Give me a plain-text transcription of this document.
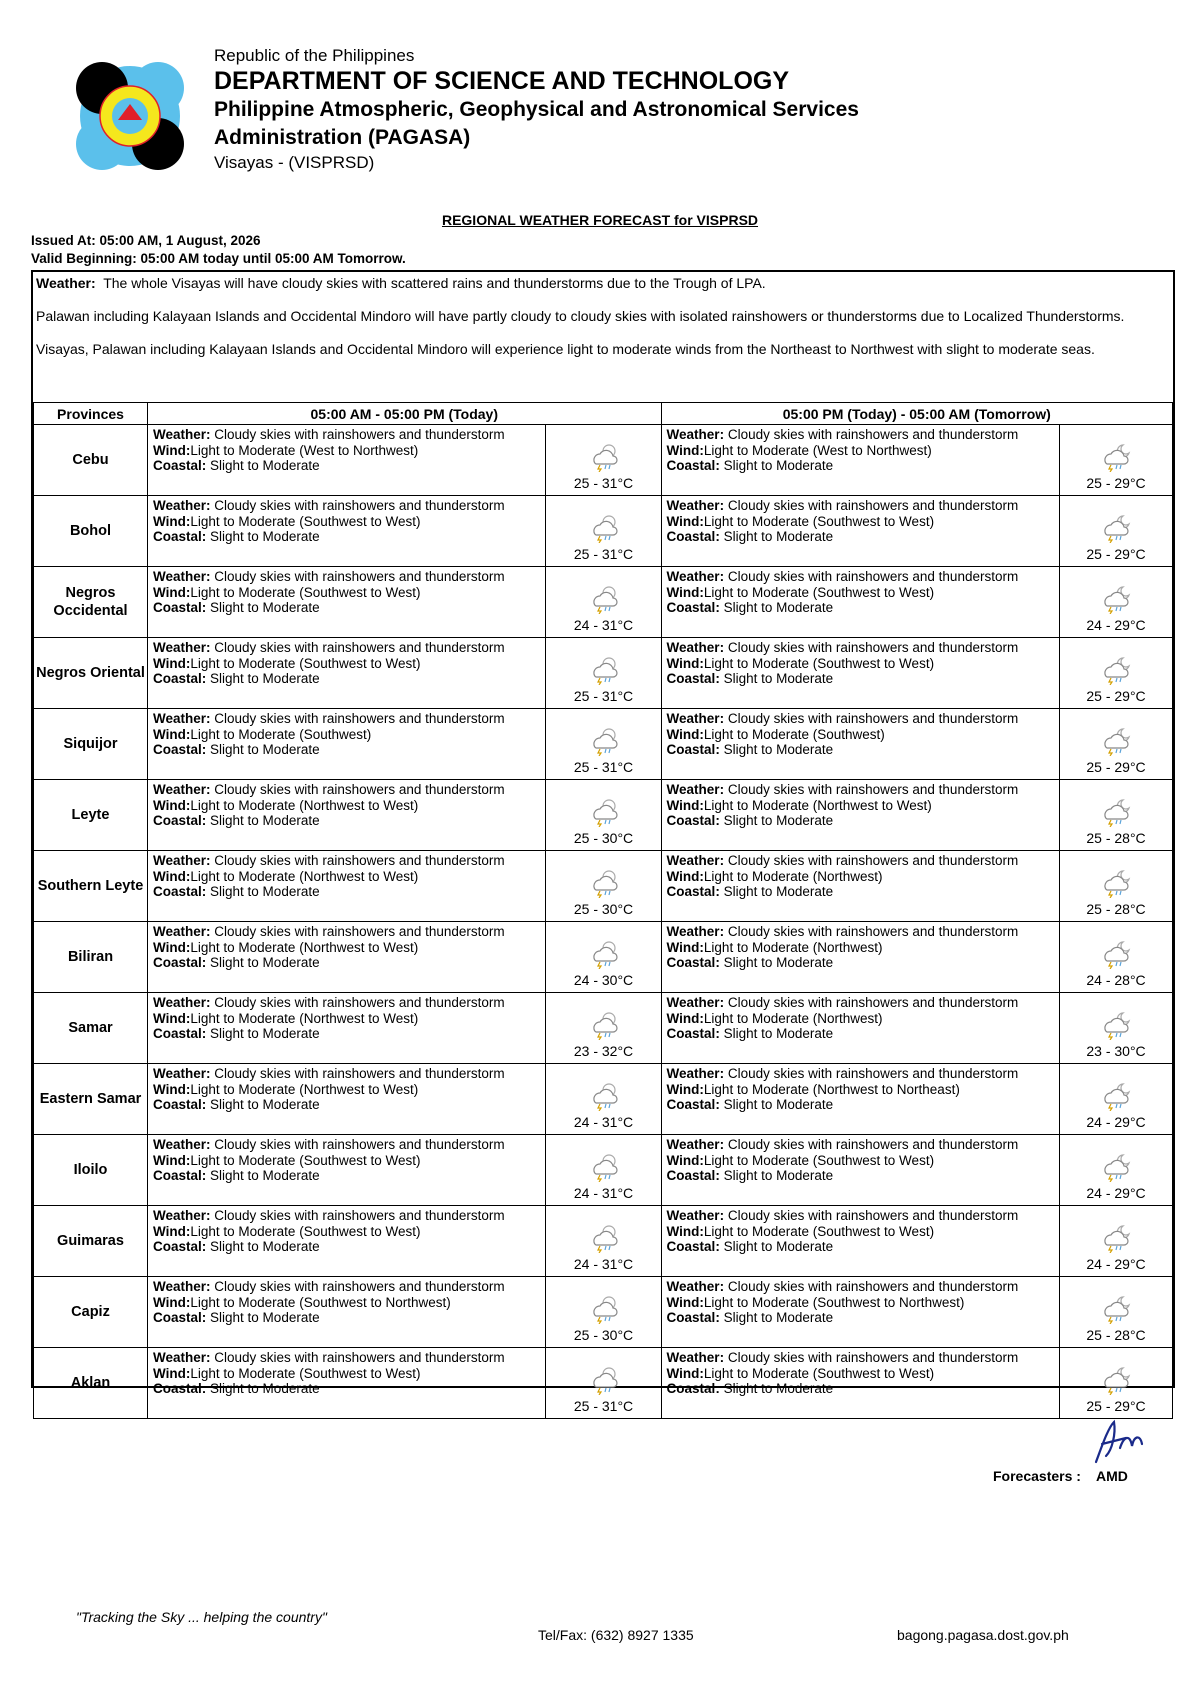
Republic of the Philippines
DEPARTMENT OF SCIENCE AND TECHNOLOGY
Philippine Atmospheric, Geophysical and Astronomical Services
Administration (PAGASA)
Visayas - (VISPRSD)
REGIONAL WEATHER FORECAST for VISPRSD
Issued At: 05:00 AM, 1 August, 2026
Valid Beginning: 05:00 AM today until 05:00 AM Tomorrow.

Weather: The whole Visayas will have cloudy skies with scattered rains and thunderstorms due to the Trough of LPA.

Palawan including Kalayaan Islands and Occidental Mindoro will have partly cloudy to cloudy skies with isolated rainshowers or thunderstorms due to Localized Thunderstorms.

Visayas, Palawan including Kalayaan Islands and Occidental Mindoro will experience light to moderate winds from the Northeast to Northwest with slight to moderate seas.

Provinces	05:00 AM - 05:00 PM (Today)		05:00 PM (Today) - 05:00 AM (Tomorrow)	
Cebu	Weather: Cloudy skies with rainshowers and thunderstorm
Wind:Light to Moderate (West to Northwest)
Coastal: Slight to Moderate	25 - 31°C	Weather: Cloudy skies with rainshowers and thunderstorm
Wind:Light to Moderate (West to Northwest)
Coastal: Slight to Moderate	25 - 29°C
Bohol	Weather: Cloudy skies with rainshowers and thunderstorm
Wind:Light to Moderate (Southwest to West)
Coastal: Slight to Moderate	25 - 31°C	Weather: Cloudy skies with rainshowers and thunderstorm
Wind:Light to Moderate (Southwest to West)
Coastal: Slight to Moderate	25 - 29°C
Negros Occidental	Weather: Cloudy skies with rainshowers and thunderstorm
Wind:Light to Moderate (Southwest to West)
Coastal: Slight to Moderate	24 - 31°C	Weather: Cloudy skies with rainshowers and thunderstorm
Wind:Light to Moderate (Southwest to West)
Coastal: Slight to Moderate	24 - 29°C
Negros Oriental	Weather: Cloudy skies with rainshowers and thunderstorm
Wind:Light to Moderate (Southwest to West)
Coastal: Slight to Moderate	25 - 31°C	Weather: Cloudy skies with rainshowers and thunderstorm
Wind:Light to Moderate (Southwest to West)
Coastal: Slight to Moderate	25 - 29°C
Siquijor	Weather: Cloudy skies with rainshowers and thunderstorm
Wind:Light to Moderate (Southwest)
Coastal: Slight to Moderate	25 - 31°C	Weather: Cloudy skies with rainshowers and thunderstorm
Wind:Light to Moderate (Southwest)
Coastal: Slight to Moderate	25 - 29°C
Leyte	Weather: Cloudy skies with rainshowers and thunderstorm
Wind:Light to Moderate (Northwest to West)
Coastal: Slight to Moderate	25 - 30°C	Weather: Cloudy skies with rainshowers and thunderstorm
Wind:Light to Moderate (Northwest to West)
Coastal: Slight to Moderate	25 - 28°C
Southern Leyte	Weather: Cloudy skies with rainshowers and thunderstorm
Wind:Light to Moderate (Northwest to West)
Coastal: Slight to Moderate	25 - 30°C	Weather: Cloudy skies with rainshowers and thunderstorm
Wind:Light to Moderate (Northwest)
Coastal: Slight to Moderate	25 - 28°C
Biliran	Weather: Cloudy skies with rainshowers and thunderstorm
Wind:Light to Moderate (Northwest to West)
Coastal: Slight to Moderate	24 - 30°C	Weather: Cloudy skies with rainshowers and thunderstorm
Wind:Light to Moderate (Northwest)
Coastal: Slight to Moderate	24 - 28°C
Samar	Weather: Cloudy skies with rainshowers and thunderstorm
Wind:Light to Moderate (Northwest to West)
Coastal: Slight to Moderate	23 - 32°C	Weather: Cloudy skies with rainshowers and thunderstorm
Wind:Light to Moderate (Northwest)
Coastal: Slight to Moderate	23 - 30°C
Eastern Samar	Weather: Cloudy skies with rainshowers and thunderstorm
Wind:Light to Moderate (Northwest to West)
Coastal: Slight to Moderate	24 - 31°C	Weather: Cloudy skies with rainshowers and thunderstorm
Wind:Light to Moderate (Northwest to Northeast)
Coastal: Slight to Moderate	24 - 29°C
Iloilo	Weather: Cloudy skies with rainshowers and thunderstorm
Wind:Light to Moderate (Southwest to West)
Coastal: Slight to Moderate	24 - 31°C	Weather: Cloudy skies with rainshowers and thunderstorm
Wind:Light to Moderate (Southwest to West)
Coastal: Slight to Moderate	24 - 29°C
Guimaras	Weather: Cloudy skies with rainshowers and thunderstorm
Wind:Light to Moderate (Southwest to West)
Coastal: Slight to Moderate	24 - 31°C	Weather: Cloudy skies with rainshowers and thunderstorm
Wind:Light to Moderate (Southwest to West)
Coastal: Slight to Moderate	24 - 29°C
Capiz	Weather: Cloudy skies with rainshowers and thunderstorm
Wind:Light to Moderate (Southwest to Northwest)
Coastal: Slight to Moderate	25 - 30°C	Weather: Cloudy skies with rainshowers and thunderstorm
Wind:Light to Moderate (Southwest to Northwest)
Coastal: Slight to Moderate	25 - 28°C
Aklan	Weather: Cloudy skies with rainshowers and thunderstorm
Wind:Light to Moderate (Southwest to West)
Coastal: Slight to Moderate	25 - 31°C	Weather: Cloudy skies with rainshowers and thunderstorm
Wind:Light to Moderate (Southwest to West)
Coastal: Slight to Moderate	25 - 29°C
Forecasters : AMD
"Tracking the Sky ... helping the country"
Tel/Fax: (632) 8927 1335	bagong.pagasa.dost.gov.ph
